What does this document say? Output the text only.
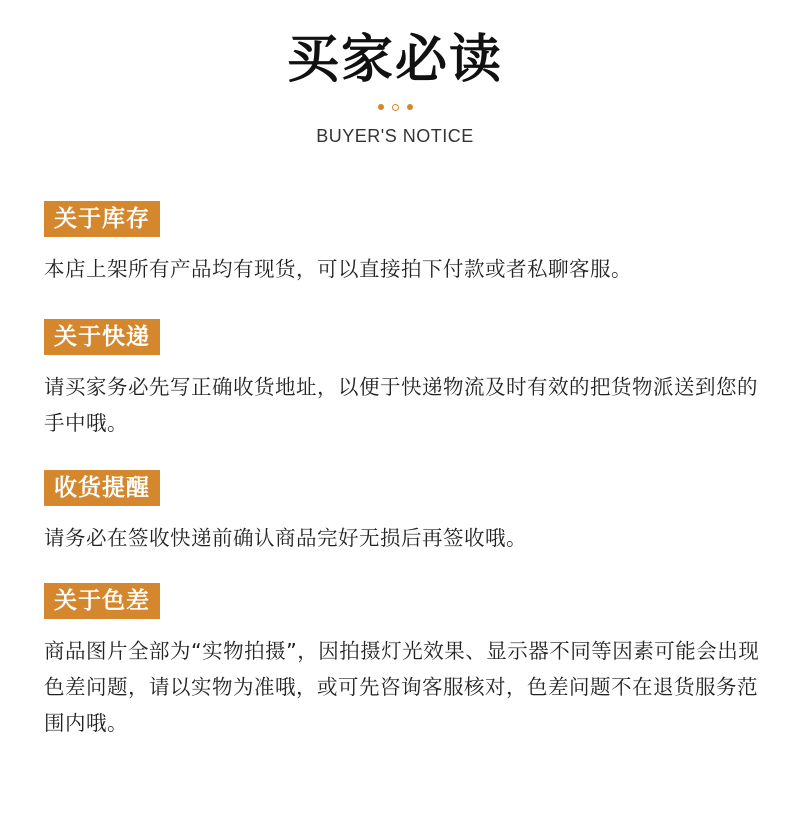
买家必读
BUYER'S NOTICE
关于库存
本店上架所有产品均有现货，可以直接拍下付款或者私聊客服。
关于快递
请买家务必先写正确收货地址，以便于快递物流及时有效的把货物派送到您的手中哦。
收货提醒
请务必在签收快递前确认商品完好无损后再签收哦。
关于色差
商品图片全部为“实物拍摄”，因拍摄灯光效果、显示器不同等因素可能会出现色差问题，请以实物为准哦，或可先咨询客服核对，色差问题不在退货服务范围内哦。
